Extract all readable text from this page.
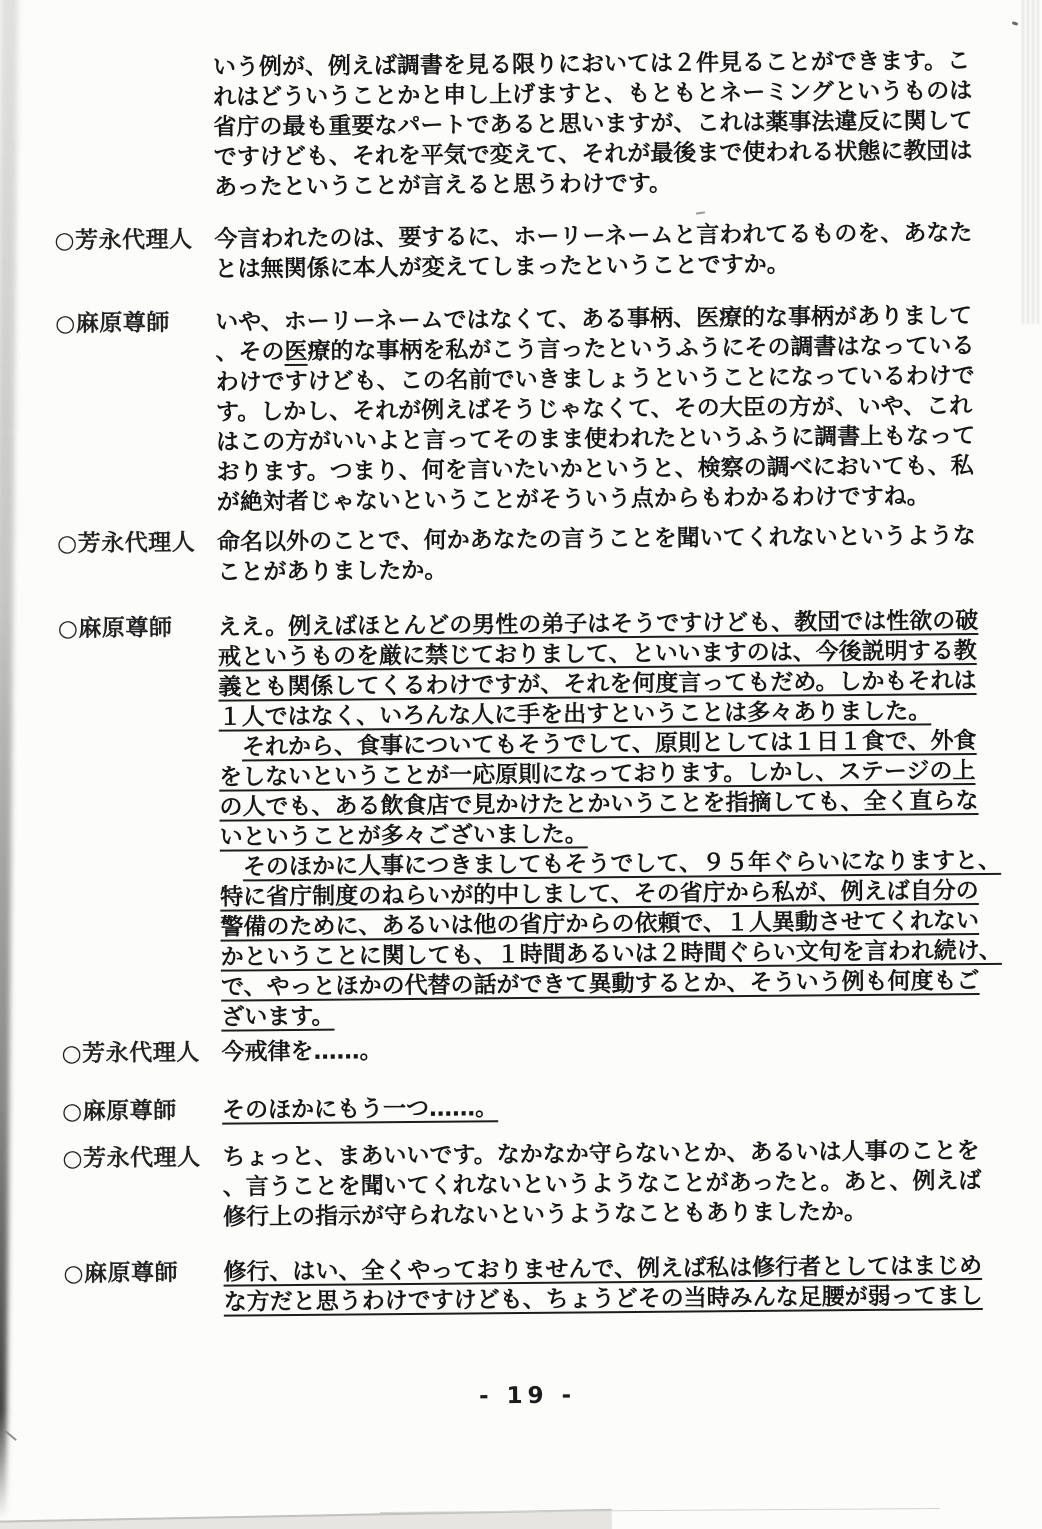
いう例が、例えば調書を見る限りにおいては２件見ることができます。こ
れはどういうことかと申し上げますと、もともとネーミングというものは
省庁の最も重要なパートであると思いますが、これは薬事法違反に関して
ですけども、それを平気で変えて、それが最後まで使われる状態に教団は
あったということが言えると思うわけです。
○芳永代理人 今言われたのは、要するに、ホーリーネームと言われてるものを、あなた
とは無関係に本人が変えてしまったということですか。
○麻原尊師 いや、ホーリーネームではなくて、ある事柄、医療的な事柄がありまして
、その医療的な事柄を私がこう言ったというふうにその調書はなっている
わけですけども、この名前でいきましょうということになっているわけで
す。しかし、それが例えばそうじゃなくて、その大臣の方が、いや、これ
はこの方がいいよと言ってそのまま使われたというふうに調書上もなって
おります。つまり、何を言いたいかというと、検察の調べにおいても、私
が絶対者じゃないということがそういう点からもわかるわけですね。
○芳永代理人 命名以外のことで、何かあなたの言うことを聞いてくれないというような
ことがありましたか。
○麻原尊師 ええ。例えばほとんどの男性の弟子はそうですけども、教団では性欲の破
戒というものを厳に禁じておりまして、といいますのは、今後説明する教
義とも関係してくるわけですが、それを何度言ってもだめ。しかもそれは
１人ではなく、いろんな人に手を出すということは多々ありました。
　それから、食事についてもそうでして、原則としては１日１食で、外食
をしないということが一応原則になっております。しかし、ステージの上
の人でも、ある飲食店で見かけたとかいうことを指摘しても、全く直らな
いということが多々ございました。
　そのほかに人事につきましてもそうでして、９５年ぐらいになりますと、
特に省庁制度のねらいが的中しまして、その省庁から私が、例えば自分の
警備のために、あるいは他の省庁からの依頼で、１人異動させてくれない
かということに関しても、１時間あるいは２時間ぐらい文句を言われ続け、
で、やっとほかの代替の話ができて異動するとか、そういう例も何度もご
ざいます。
○芳永代理人 今戒律を……。
○麻原尊師 そのほかにもう一つ……。
○芳永代理人 ちょっと、まあいいです。なかなか守らないとか、あるいは人事のことを
、言うことを聞いてくれないというようなことがあったと。あと、例えば
修行上の指示が守られないというようなこともありましたか。
○麻原尊師 修行、はい、全くやっておりませんで、例えば私は修行者としてはまじめ
な方だと思うわけですけども、ちょうどその当時みんな足腰が弱ってまし
- 19 -
